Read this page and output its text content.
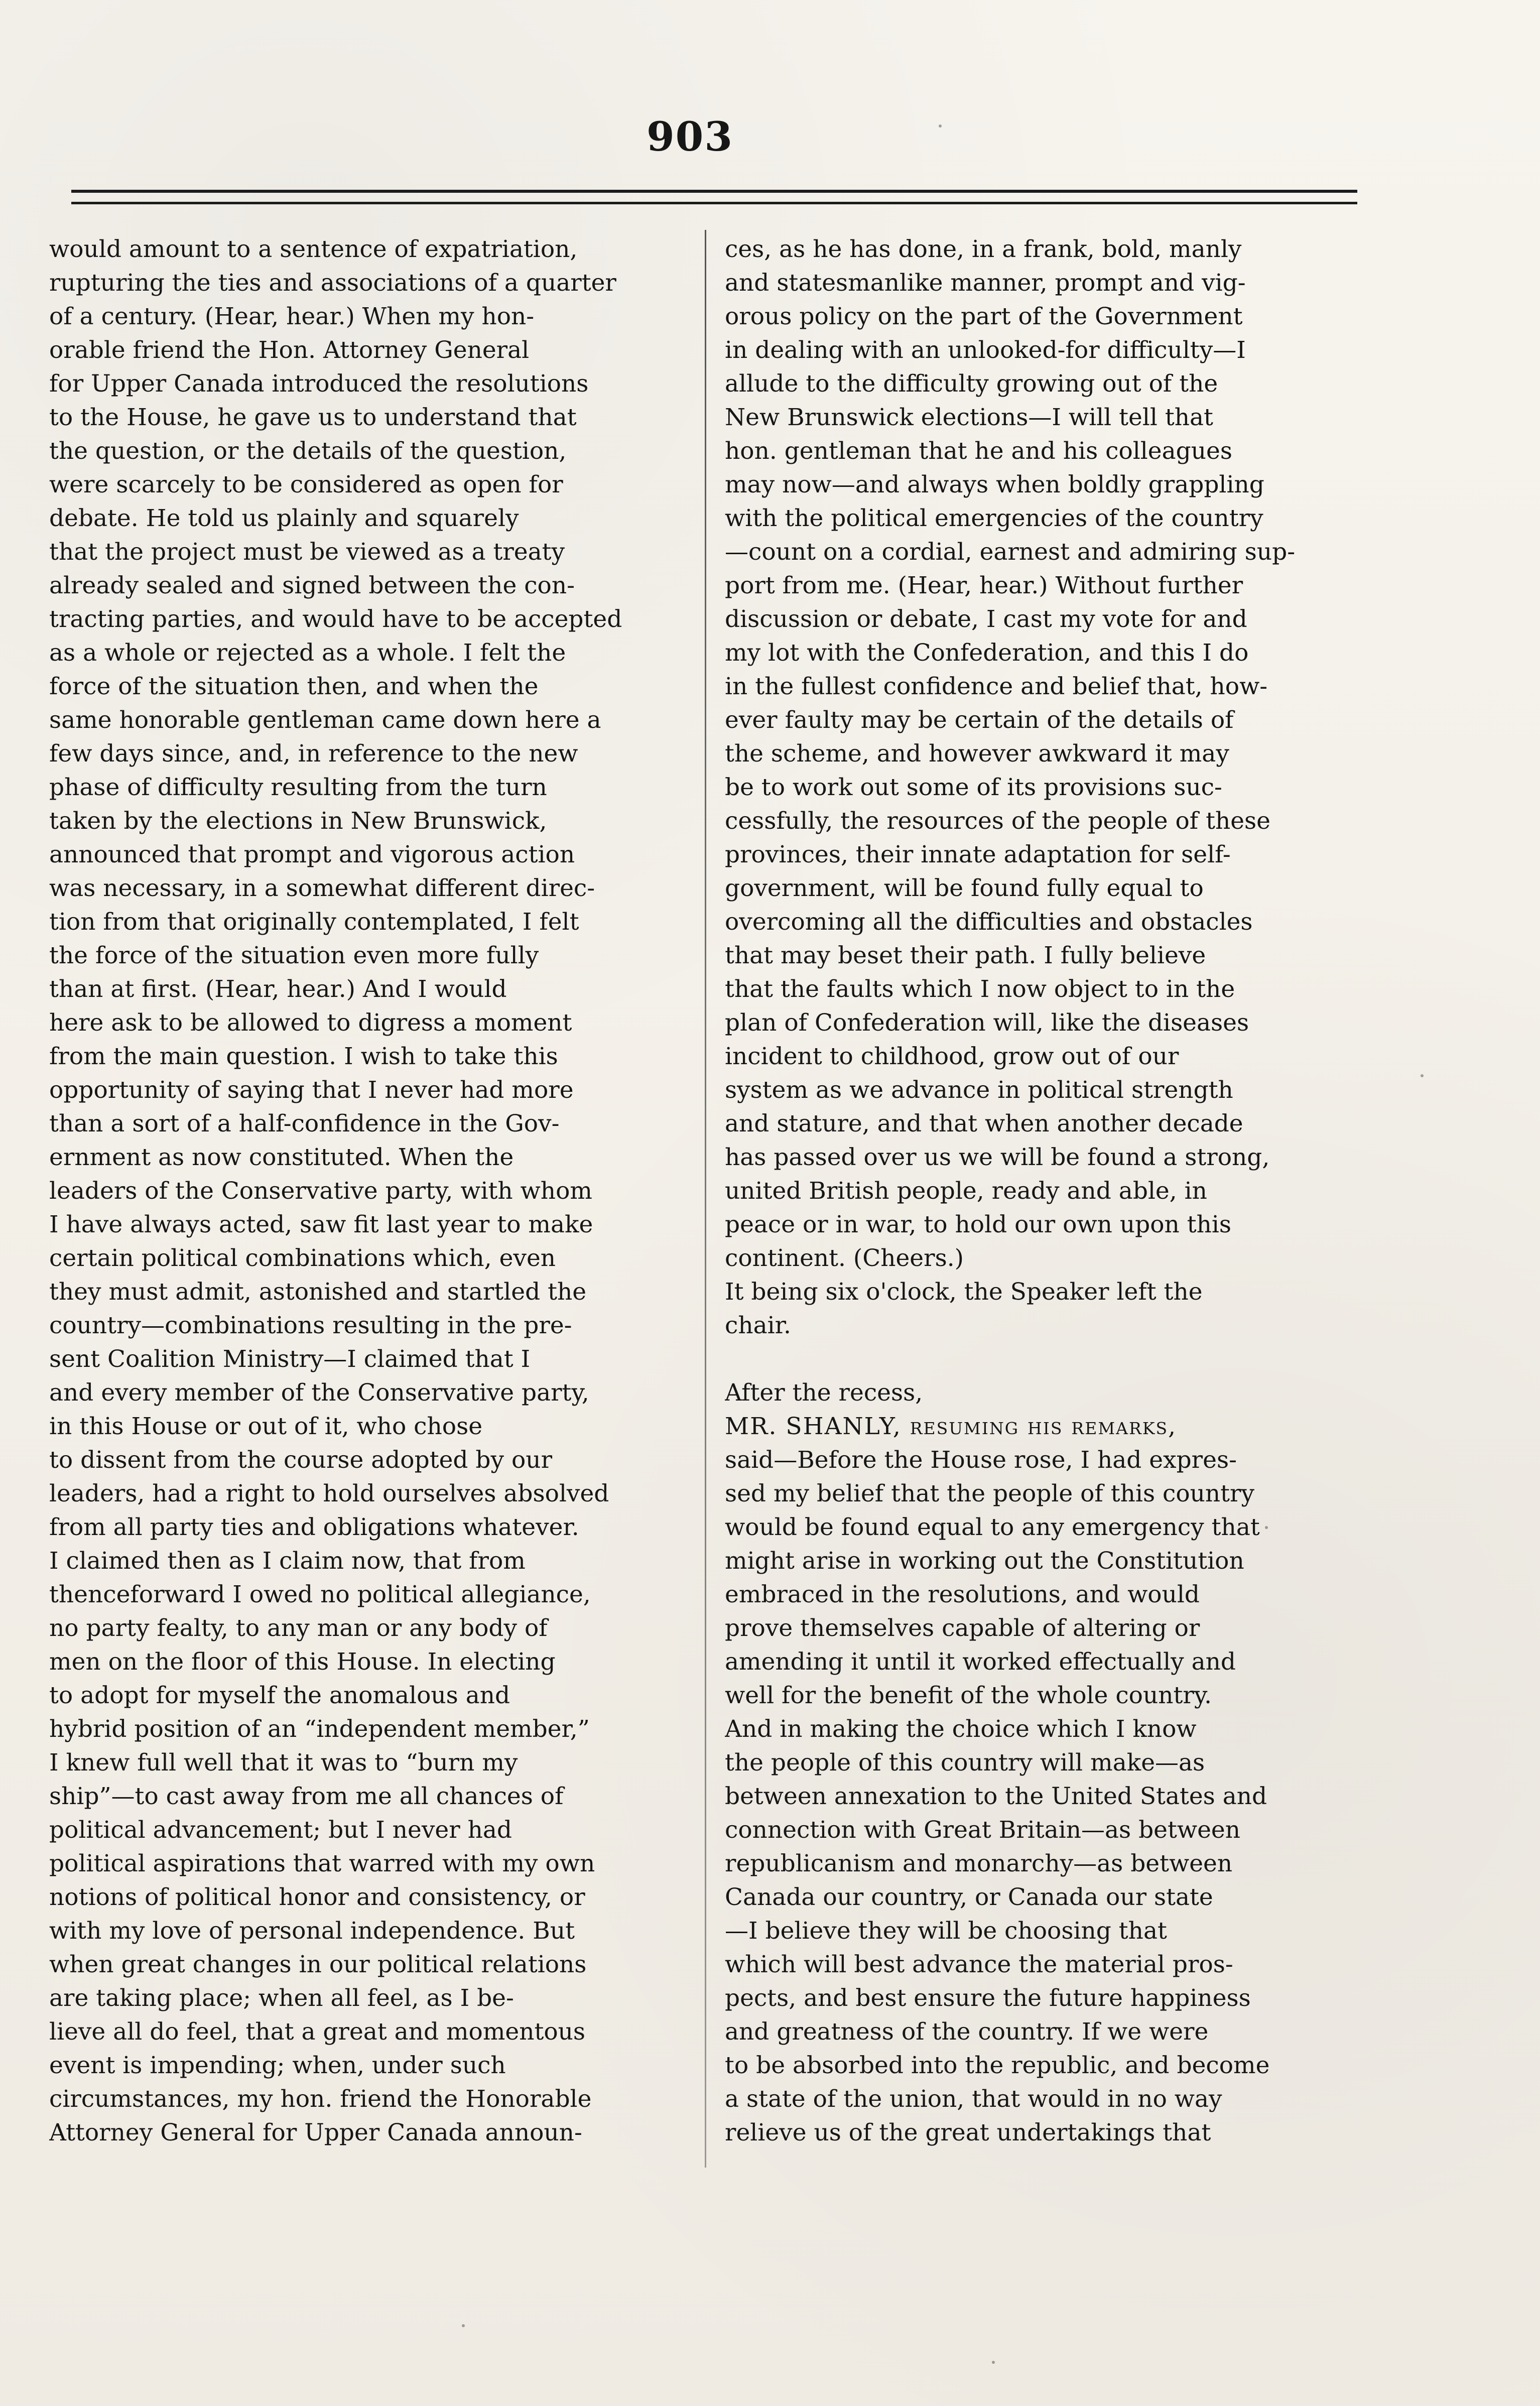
903
would amount to a sentence of expatriation,
rupturing the ties and associations of a quarter
of a century. (Hear, hear.) When my hon-
orable friend the Hon. Attorney General
for Upper Canada introduced the resolutions
to the House, he gave us to understand that
the question, or the details of the question,
were scarcely to be considered as open for
debate. He told us plainly and squarely
that the project must be viewed as a treaty
already sealed and signed between the con-
tracting parties, and would have to be accepted
as a whole or rejected as a whole. I felt the
force of the situation then, and when the
same honorable gentleman came down here a
few days since, and, in reference to the new
phase of difficulty resulting from the turn
taken by the elections in New Brunswick,
announced that prompt and vigorous action
was necessary, in a somewhat different direc-
tion from that originally contemplated, I felt
the force of the situation even more fully
than at first. (Hear, hear.) And I would
here ask to be allowed to digress a moment
from the main question. I wish to take this
opportunity of saying that I never had more
than a sort of a half-confidence in the Gov-
ernment as now constituted. When the
leaders of the Conservative party, with whom
I have always acted, saw fit last year to make
certain political combinations which, even
they must admit, astonished and startled the
country—combinations resulting in the pre-
sent Coalition Ministry—I claimed that I
and every member of the Conservative party,
in this House or out of it, who chose
to dissent from the course adopted by our
leaders, had a right to hold ourselves absolved
from all party ties and obligations whatever.
I claimed then as I claim now, that from
thenceforward I owed no political allegiance,
no party fealty, to any man or any body of
men on the floor of this House. In electing
to adopt for myself the anomalous and
hybrid position of an “independent member,”
I knew full well that it was to “burn my
ship”—to cast away from me all chances of
political advancement; but I never had
political aspirations that warred with my own
notions of political honor and consistency, or
with my love of personal independence. But
when great changes in our political relations
are taking place; when all feel, as I be-
lieve all do feel, that a great and momentous
event is impending; when, under such
circumstances, my hon. friend the Honorable
Attorney General for Upper Canada announ-
ces, as he has done, in a frank, bold, manly
and statesmanlike manner, prompt and vig-
orous policy on the part of the Government
in dealing with an unlooked-for difficulty—I
allude to the difficulty growing out of the
New Brunswick elections—I will tell that
hon. gentleman that he and his colleagues
may now—and always when boldly grappling
with the political emergencies of the country
—count on a cordial, earnest and admiring sup-
port from me. (Hear, hear.) Without further
discussion or debate, I cast my vote for and
my lot with the Confederation, and this I do
in the fullest confidence and belief that, how-
ever faulty may be certain of the details of
the scheme, and however awkward it may
be to work out some of its provisions suc-
cessfully, the resources of the people of these
provinces, their innate adaptation for self-
government, will be found fully equal to
overcoming all the difficulties and obstacles
that may beset their path. I fully believe
that the faults which I now object to in the
plan of Confederation will, like the diseases
incident to childhood, grow out of our
system as we advance in political strength
and stature, and that when another decade
has passed over us we will be found a strong,
united British people, ready and able, in
peace or in war, to hold our own upon this
continent. (Cheers.)
It being six o'clock, the Speaker left the
chair.
After the recess,
MR. SHANLY, resuming his remarks,
said—Before the House rose, I had expres-
sed my belief that the people of this country
would be found equal to any emergency that
might arise in working out the Constitution
embraced in the resolutions, and would
prove themselves capable of altering or
amending it until it worked effectually and
well for the benefit of the whole country.
And in making the choice which I know
the people of this country will make—as
between annexation to the United States and
connection with Great Britain—as between
republicanism and monarchy—as between
Canada our country, or Canada our state
—I believe they will be choosing that
which will best advance the material pros-
pects, and best ensure the future happiness
and greatness of the country. If we were
to be absorbed into the republic, and become
a state of the union, that would in no way
relieve us of the great undertakings that
